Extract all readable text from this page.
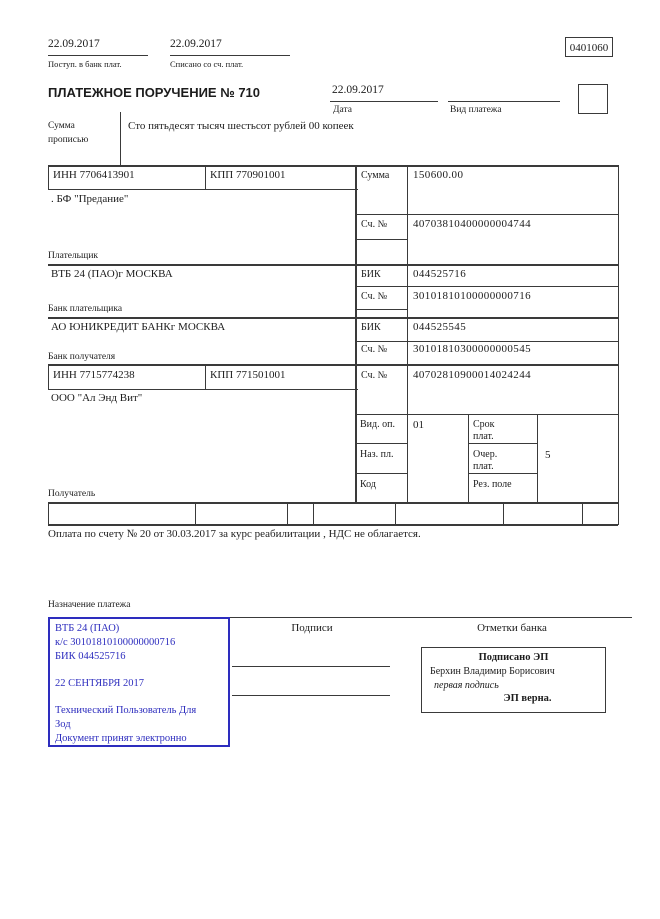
22.09.2017
Поступ. в банк плат.
22.09.2017
Списано со сч. плат.
0401060
ПЛАТЕЖНОЕ ПОРУЧЕНИЕ № 710	22.09.2017
Дата	Вид платежа
Сумма прописью
Сто пятьдесят тысяч шестьсот рублей 00 копеек
ИНН 7706413901	КПП 770901001	Сумма 150600.00
. БФ "Предание"
Сч. № 40703810400000004744
Плательщик
ВТБ 24 (ПАО)г МОСКВА	БИК	044525716
Сч. № 30101810100000000716
Банк плательщика
АО ЮНИКРЕДИТ БАНКг МОСКВА	БИК	044525545
Сч. № 30101810300000000545
Банк получателя
ИНН 7715774238	КПП 771501001	Сч. № 40702810900014024244
ООО "Ал Энд Вит"
Получатель
Вид. оп. 01	Срок плат.
Наз. пл.	Очер. плат.
5
Код	Рез. поле
Оплата по счету № 20 от 30.03.2017 за курс реабилитации , НДС не облагается.
Назначение платежа
ВТБ 24 (ПАО)
к/с 30101810100000000716
БИК 044525716
22 СЕНТЯБРЯ 2017
Технический Пользователь Для
Зод
Документ принят электронно
Подписи	Отметки банка
Подписано ЭП
Берхин Владимир Борисович
первая подпись
ЭП верна.
